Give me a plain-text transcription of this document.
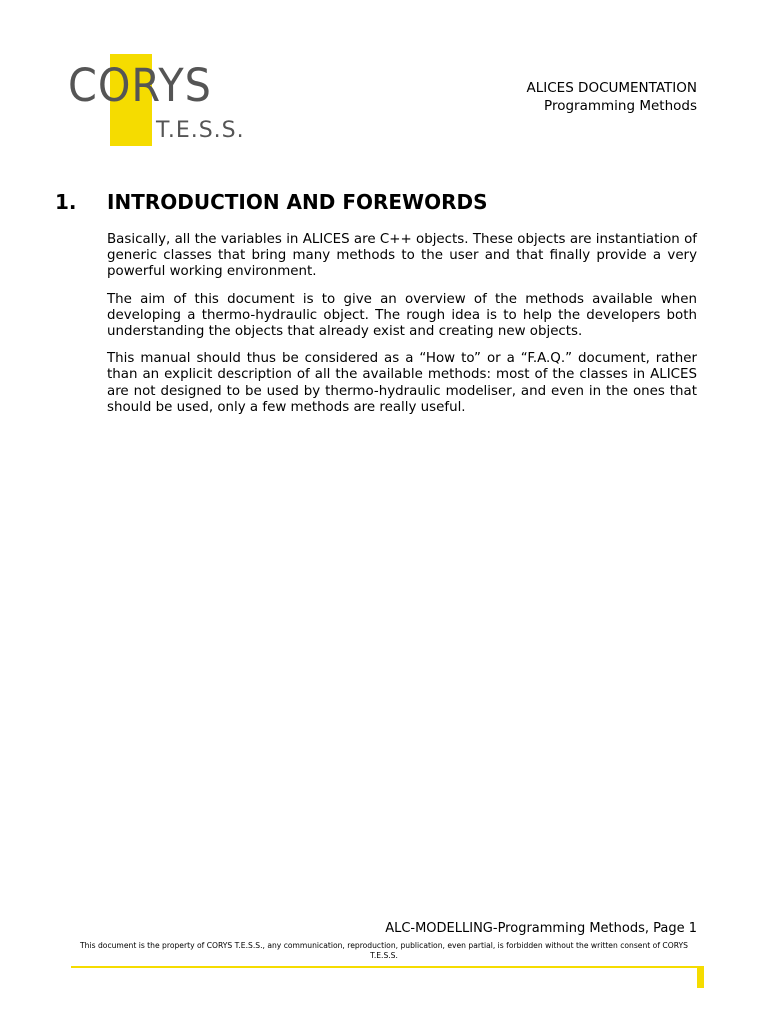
CORYS
T.E.S.S.
ALICES DOCUMENTATION
Programming Methods
1. INTRODUCTION AND FOREWORDS

Basically, all the variables in ALICES are C++ objects. These objects are instantiation of generic classes that bring many methods to the user and that finally provide a very powerful working environment.

The aim of this document is to give an overview of the methods available when developing a thermo-hydraulic object. The rough idea is to help the developers both understanding the objects that already exist and creating new objects.

This manual should thus be considered as a “How to” or a “F.A.Q.” document, rather than an explicit description of all the available methods: most of the classes in ALICES are not designed to be used by thermo-hydraulic modeliser, and even in the ones that should be used, only a few methods are really useful.

ALC-MODELLING-Programming Methods, Page 1
This document is the property of CORYS T.E.S.S., any communication, reproduction, publication, even partial, is forbidden without the written consent of CORYS T.E.S.S.
